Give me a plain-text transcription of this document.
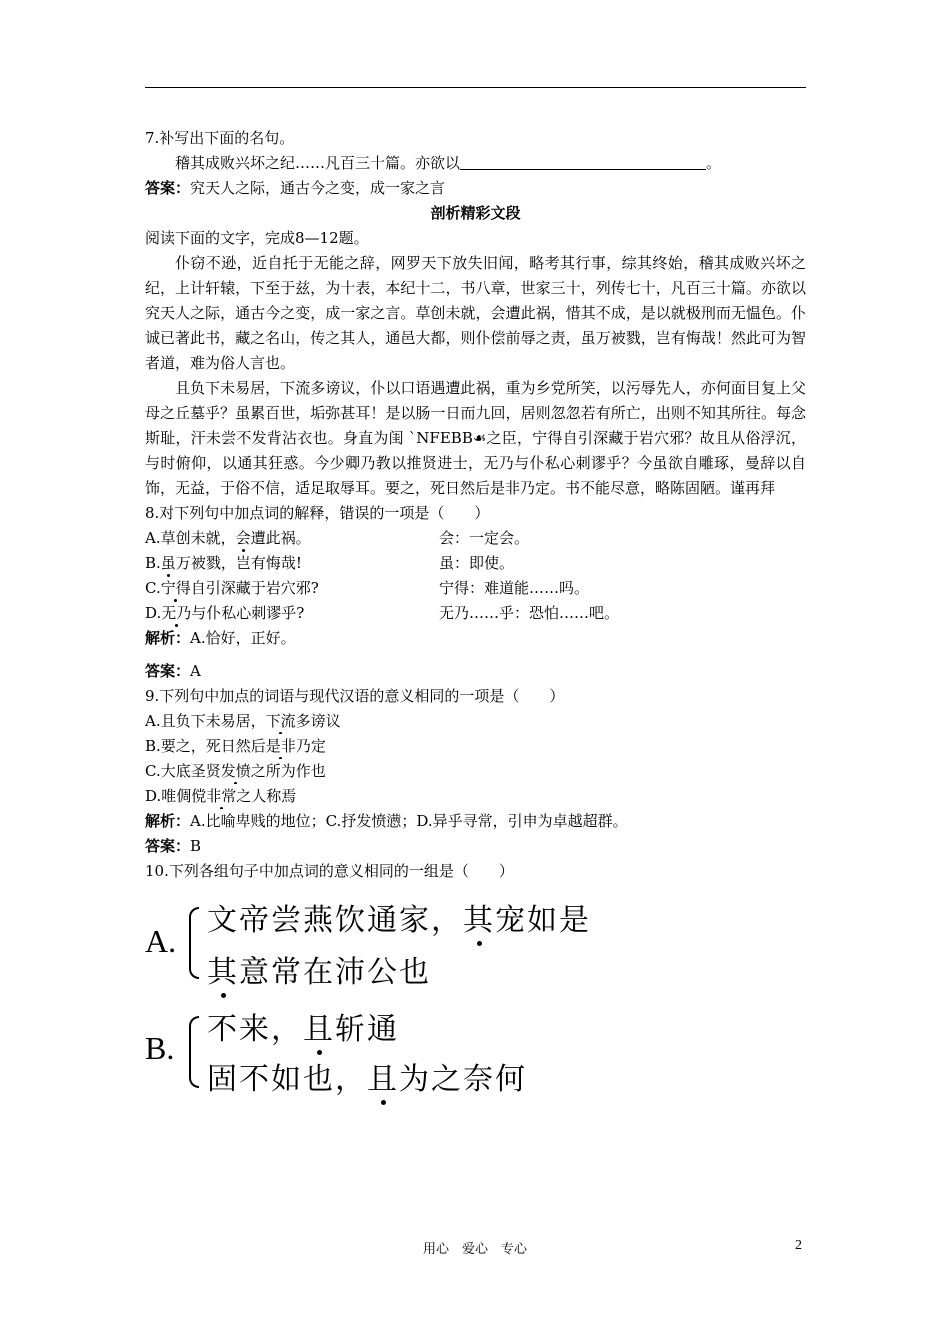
7.补写出下面的名句。

稽其成败兴坏之纪……凡百三十篇。亦欲以	。

答案：究天人之际，通古今之变，成一家之言

剖析精彩文段

阅读下面的文字，完成8—12题。

仆窃不逊，近自托于无能之辞，网罗天下放失旧闻，略考其行事，综其终始，稽其成败兴坏之纪，上计轩辕，下至于兹，为十表，本纪十二，书八章，世家三十，列传七十，凡百三十篇。亦欲以究天人之际，通古今之变，成一家之言。草创未就，会遭此祸，惜其不成，是以就极刑而无愠色。仆诚已著此书，藏之名山，传之其人，通邑大都，则仆偿前辱之责，虽万被戮，岂有悔哉！然此可为智者道，难为俗人言也。

且负下未易居，下流多谤议，仆以口语遇遭此祸，重为乡党所笑，以污辱先人，亦何面目复上父母之丘墓乎？虽累百世，垢弥甚耳！是以肠一日而九回，居则忽忽若有所亡，出则不知其所往。每念斯耻，汗未尝不发背沾衣也。身直为闺 `NFEBB☙之臣，宁得自引深藏于岩穴邪？故且从俗浮沉，与时俯仰，以通其狂惑。今少卿乃教以推贤进士，无乃与仆私心刺谬乎？今虽欲自雕琢，曼辞以自饰，无益，于俗不信，适足取辱耳。要之，死日然后是非乃定。书不能尽意，略陈固陋。谨再拜

8.对下列句中加点词的解释，错误的一项是（　　）

A.草创未就，会遭此祸。	会：一定会。
B.虽万被戮，岂有悔哉!	虽：即使。
C.宁得自引深藏于岩穴邪?	宁得：难道能……吗。
D.无乃与仆私心刺谬乎?	无乃……乎：恐怕……吧。

解析：A.恰好，正好。

答案：A

9.下列句中加点的词语与现代汉语的意义相同的一项是（　　）

A.且负下未易居，下流多谤议

B.要之，死日然后是非乃定

C.大底圣贤发愤之所为作也

D.唯倜傥非常之人称焉

解析：A.比喻卑贱的地位；C.抒发愤懑；D.异乎寻常，引申为卓越超群。

答案：B

10.下列各组句子中加点词的意义相同的一组是（　　）

A.
文帝尝燕饮通家，其宠如是
其意常在沛公也
B.
不来，且斩通
固不如也，且为之奈何
用心　爱心　专心	2
